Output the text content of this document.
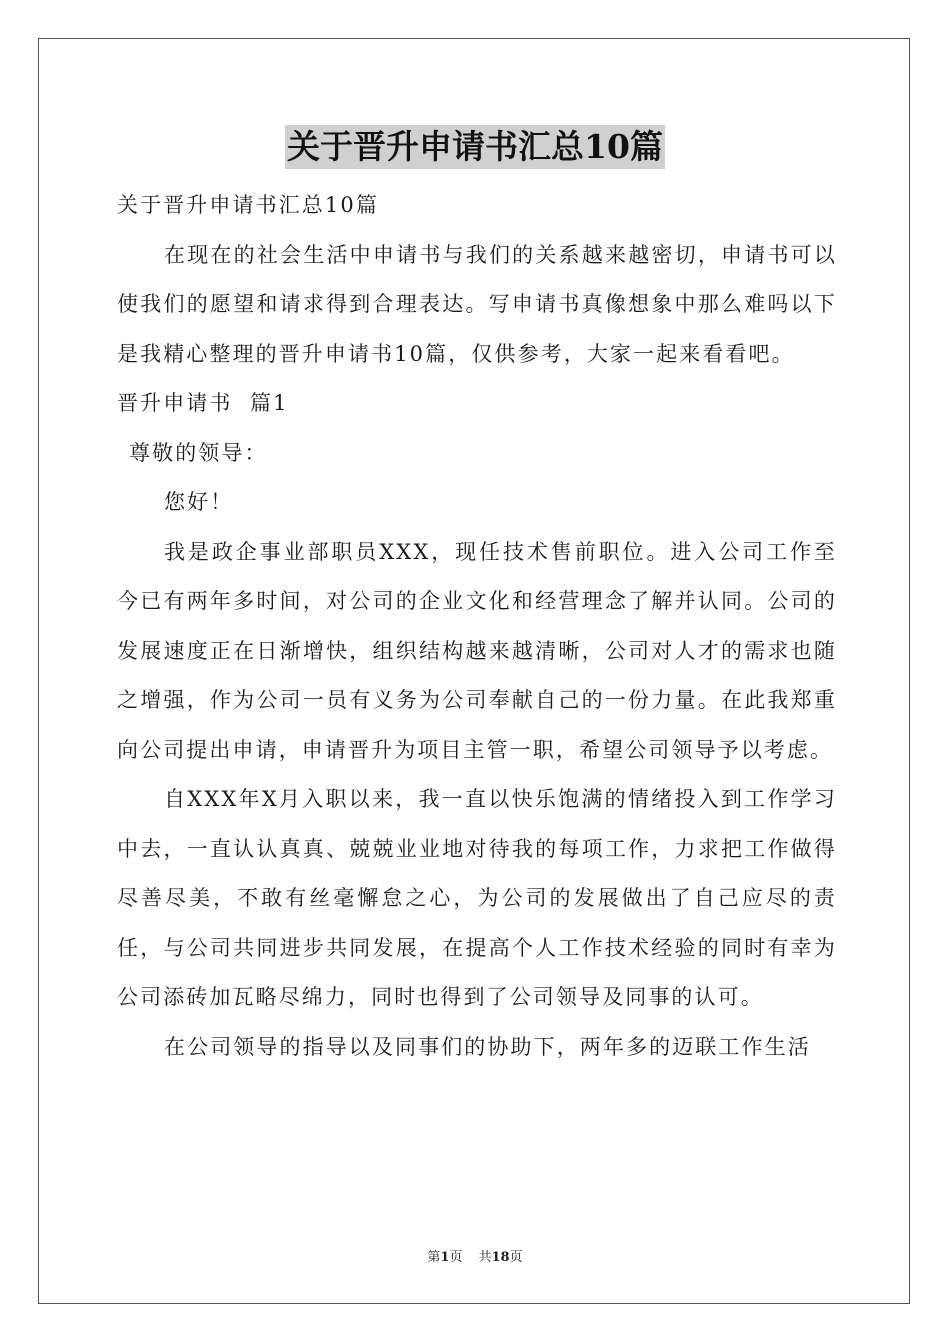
关于晋升申请书汇总10篇

关于晋升申请书汇总10篇

在现在的社会生活中申请书与我们的关系越来越密切，申请书可以使我们的愿望和请求得到合理表达。写申请书真像想象中那么难吗以下是我精心整理的晋升申请书10篇，仅供参考，大家一起来看看吧。

晋升申请书  篇1

尊敬的领导：

您好！

我是政企事业部职员XXX，现任技术售前职位。进入公司工作至今已有两年多时间，对公司的企业文化和经营理念了解并认同。公司的发展速度正在日渐增快，组织结构越来越清晰，公司对人才的需求也随之增强，作为公司一员有义务为公司奉献自己的一份力量。在此我郑重向公司提出申请，申请晋升为项目主管一职，希望公司领导予以考虑。

自XXX年X月入职以来，我一直以快乐饱满的情绪投入到工作学习中去，一直认认真真、兢兢业业地对待我的每项工作，力求把工作做得尽善尽美，不敢有丝毫懈怠之心，为公司的发展做出了自己应尽的责任，与公司共同进步共同发展，在提高个人工作技术经验的同时有幸为公司添砖加瓦略尽绵力，同时也得到了公司领导及同事的认可。

在公司领导的指导以及同事们的协助下，两年多的迈联工作生活

第1页 共18页
